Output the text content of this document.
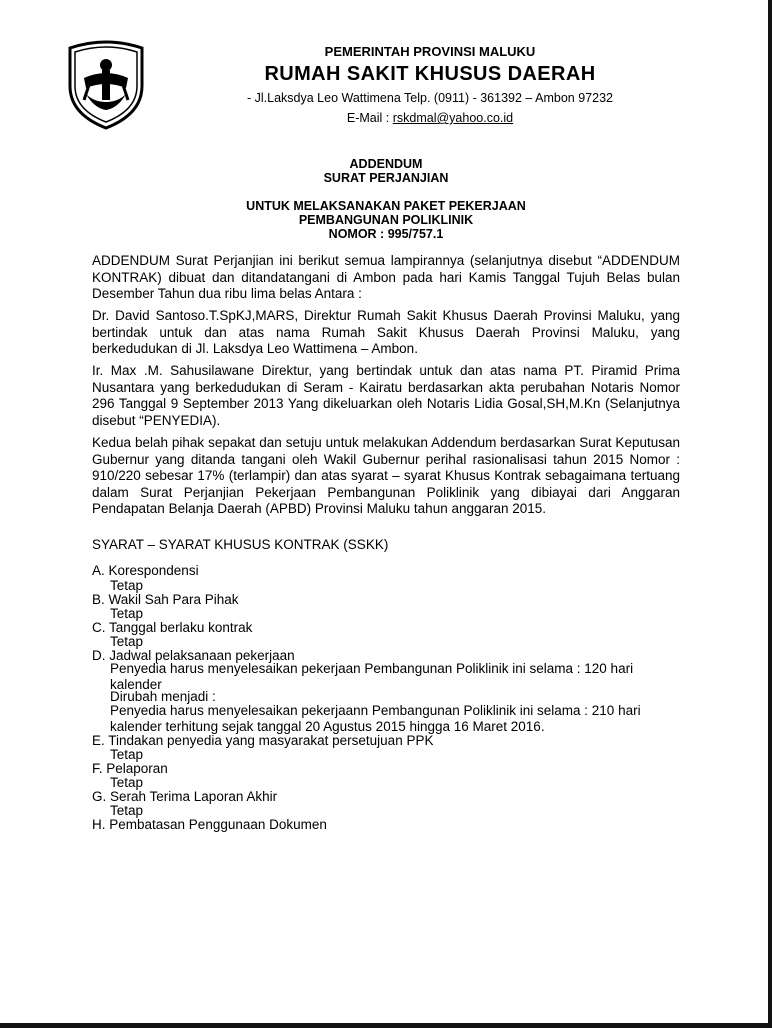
PEMERINTAH PROVINSI MALUKU
RUMAH SAKIT KHUSUS DAERAH
- Jl.Laksdya Leo Wattimena Telp. (0911) - 361392 – Ambon 97232
E-Mail : rskdmal@yahoo.co.id
ADDENDUM
SURAT PERJANJIAN
UNTUK MELAKSANAKAN PAKET PEKERJAAN
PEMBANGUNAN POLIKLINIK
NOMOR : 995/757.1
ADDENDUM Surat Perjanjian ini berikut semua lampirannya (selanjutnya disebut “ADDENDUM KONTRAK) dibuat dan ditandatangani di Ambon pada hari Kamis Tanggal Tujuh Belas bulan Desember Tahun dua ribu lima belas Antara :
Dr. David Santoso.T.SpKJ,MARS, Direktur Rumah Sakit Khusus Daerah Provinsi Maluku, yang bertindak untuk dan atas nama Rumah Sakit Khusus Daerah Provinsi Maluku, yang berkedudukan di Jl. Laksdya Leo Wattimena – Ambon.
Ir. Max .M. Sahusilawane Direktur, yang bertindak untuk dan atas nama PT. Piramid Prima Nusantara yang berkedudukan di Seram - Kairatu berdasarkan akta perubahan Notaris Nomor 296 Tanggal 9 September 2013 Yang dikeluarkan oleh Notaris Lidia Gosal,SH,M.Kn (Selanjutnya disebut “PENYEDIA).
Kedua belah pihak sepakat dan setuju untuk melakukan Addendum berdasarkan Surat Keputusan Gubernur yang ditanda tangani oleh Wakil Gubernur perihal rasionalisasi tahun 2015 Nomor : 910/220 sebesar 17% (terlampir) dan atas syarat – syarat Khusus Kontrak sebagaimana tertuang dalam Surat Perjanjian Pekerjaan Pembangunan Poliklinik yang dibiayai dari Anggaran Pendapatan Belanja Daerah (APBD) Provinsi Maluku tahun anggaran 2015.
SYARAT – SYARAT KHUSUS KONTRAK (SSKK)
A. Korespondensi
Tetap
B. Wakil Sah Para Pihak
Tetap
C. Tanggal berlaku kontrak
Tetap
D. Jadwal pelaksanaan pekerjaan
Penyedia harus menyelesaikan pekerjaan Pembangunan Poliklinik ini selama : 120 hari kalender
Dirubah menjadi :
Penyedia harus menyelesaikan pekerjaann Pembangunan Poliklinik ini selama : 210 hari kalender terhitung sejak tanggal 20 Agustus 2015 hingga 16 Maret 2016.
E. Tindakan penyedia yang masyarakat persetujuan PPK
Tetap
F. Pelaporan
Tetap
G. Serah Terima Laporan Akhir
Tetap
H. Pembatasan Penggunaan Dokumen
